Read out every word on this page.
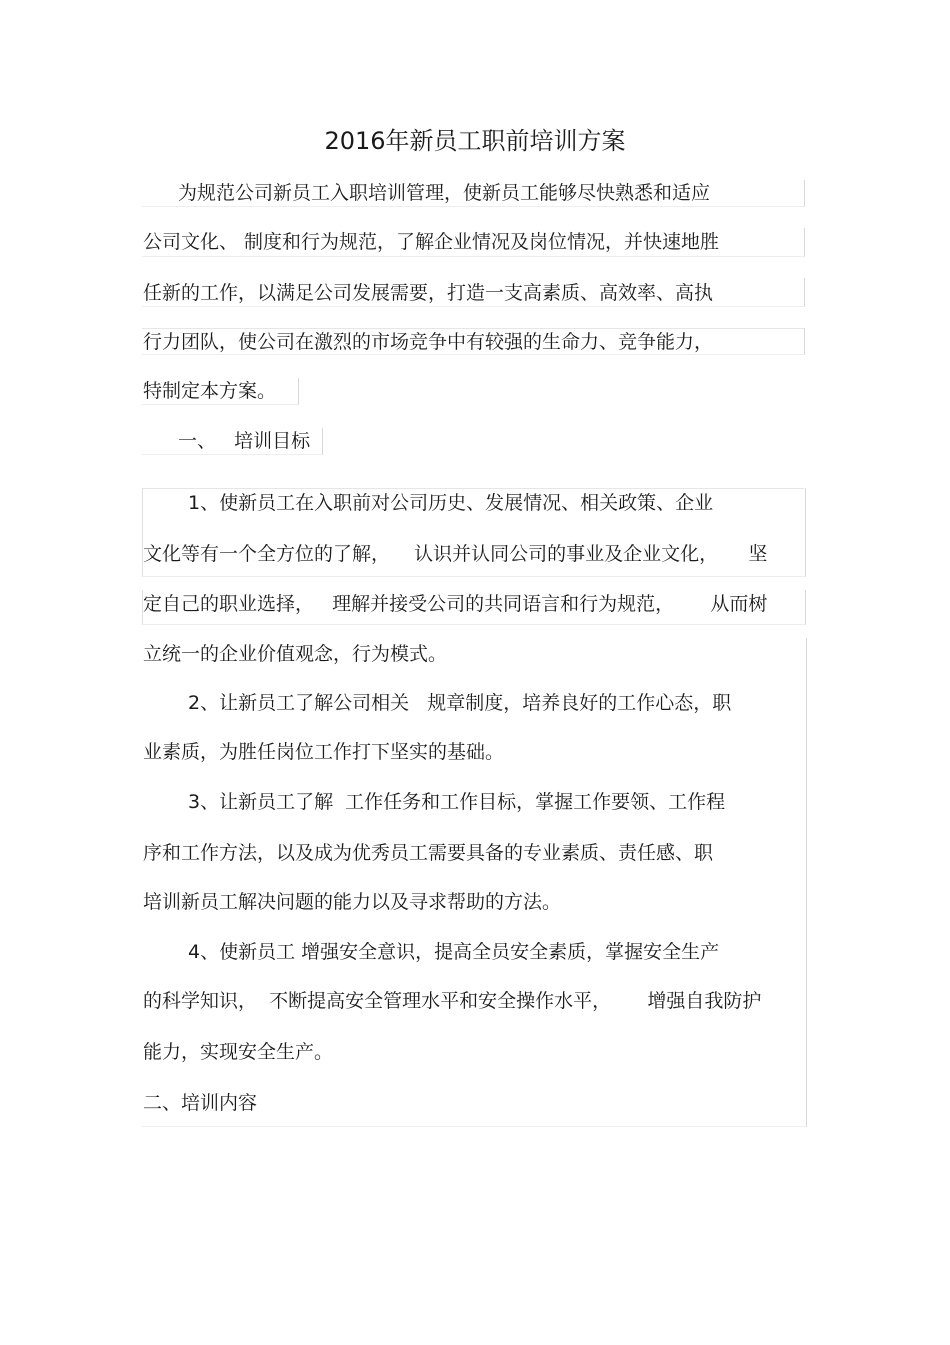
2016年新员工职前培训方案
为规范公司新员工入职培训管理，使新员工能够尽快熟悉和适应
公司文化、 制度和行为规范，了解企业情况及岗位情况，并快速地胜
任新的工作，以满足公司发展需要，打造一支高素质、高效率、高执
行力团队，使公司在激烈的市场竞争中有较强的生命力、竞争能力，
特制定本方案。
一、   培训目标
1、使新员工在入职前对公司历史、发展情况、相关政策、企业
文化等有一个全方位的了解，    认识并认同公司的事业及企业文化，     坚
定自己的职业选择，   理解并接受公司的共同语言和行为规范，      从而树
立统一的企业价值观念，行为模式。
2、让新员工了解公司相关   规章制度，培养良好的工作心态，职
业素质，为胜任岗位工作打下坚实的基础。
3、让新员工了解  工作任务和工作目标，掌握工作要领、工作程
序和工作方法，以及成为优秀员工需要具备的专业素质、责任感、职
培训新员工解决问题的能力以及寻求帮助的方法。
4、使新员工 增强安全意识，提高全员安全素质，掌握安全生产
的科学知识，  不断提高安全管理水平和安全操作水平，      增强自我防护
能力，实现安全生产。
二、培训内容
